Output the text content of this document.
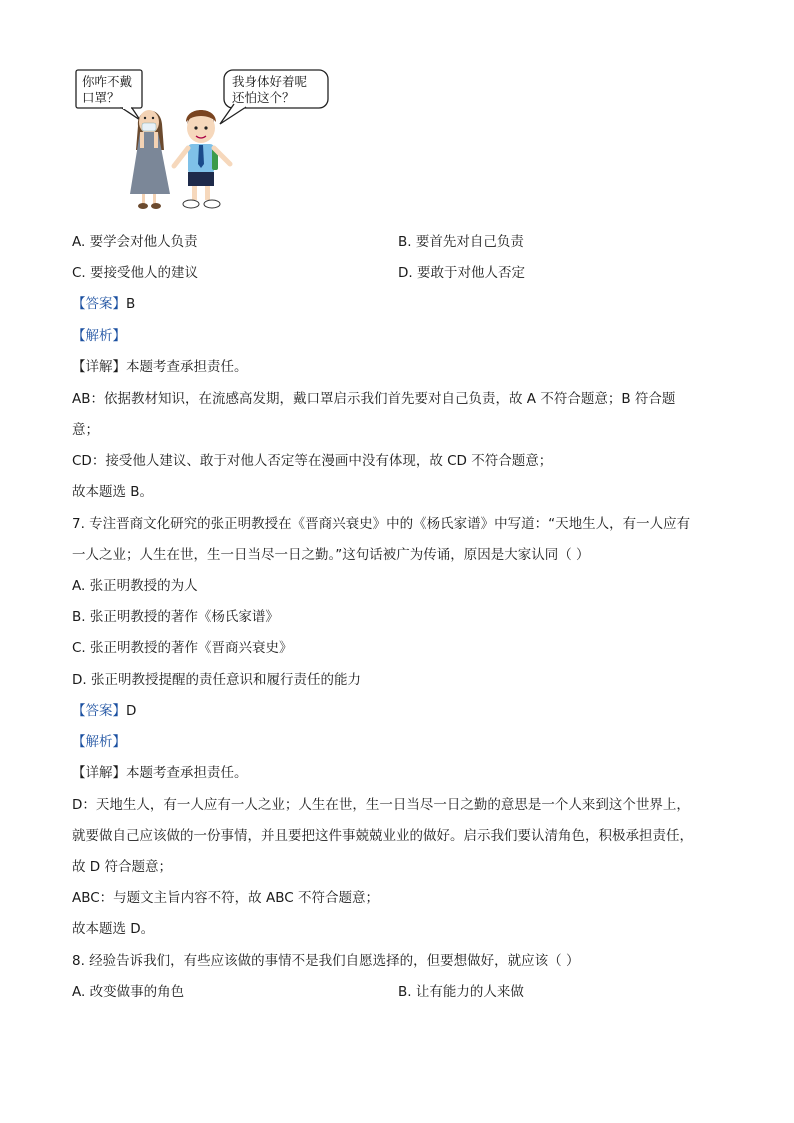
你咋不戴
口罩？
我身体好着呢
还怕这个？
A. 要学会对他人负责	B. 要首先对自己负责
C. 要接受他人的建议	D. 要敢于对他人否定
【答案】B
【解析】
【详解】本题考查承担责任。
AB：依据教材知识，在流感高发期，戴口罩启示我们首先要对自己负责，故 A 不符合题意；B 符合题
意；
CD：接受他人建议、敢于对他人否定等在漫画中没有体现，故 CD 不符合题意；
故本题选 B。
7. 专注晋商文化研究的张正明教授在《晋商兴衰史》中的《杨氏家谱》中写道：“天地生人，有一人应有
一人之业；人生在世，生一日当尽一日之勤。”这句话被广为传诵，原因是大家认同（ ）
A. 张正明教授的为人
B. 张正明教授的著作《杨氏家谱》
C. 张正明教授的著作《晋商兴衰史》
D. 张正明教授提醒的责任意识和履行责任的能力
【答案】D
【解析】
【详解】本题考查承担责任。
D：天地生人，有一人应有一人之业；人生在世，生一日当尽一日之勤的意思是一个人来到这个世界上，
就要做自己应该做的一份事情，并且要把这件事兢兢业业的做好。启示我们要认清角色，积极承担责任，
故 D 符合题意；
ABC：与题文主旨内容不符，故 ABC 不符合题意；
故本题选 D。
8. 经验告诉我们，有些应该做的事情不是我们自愿选择的，但要想做好，就应该（ ）
A. 改变做事的角色	B. 让有能力的人来做
